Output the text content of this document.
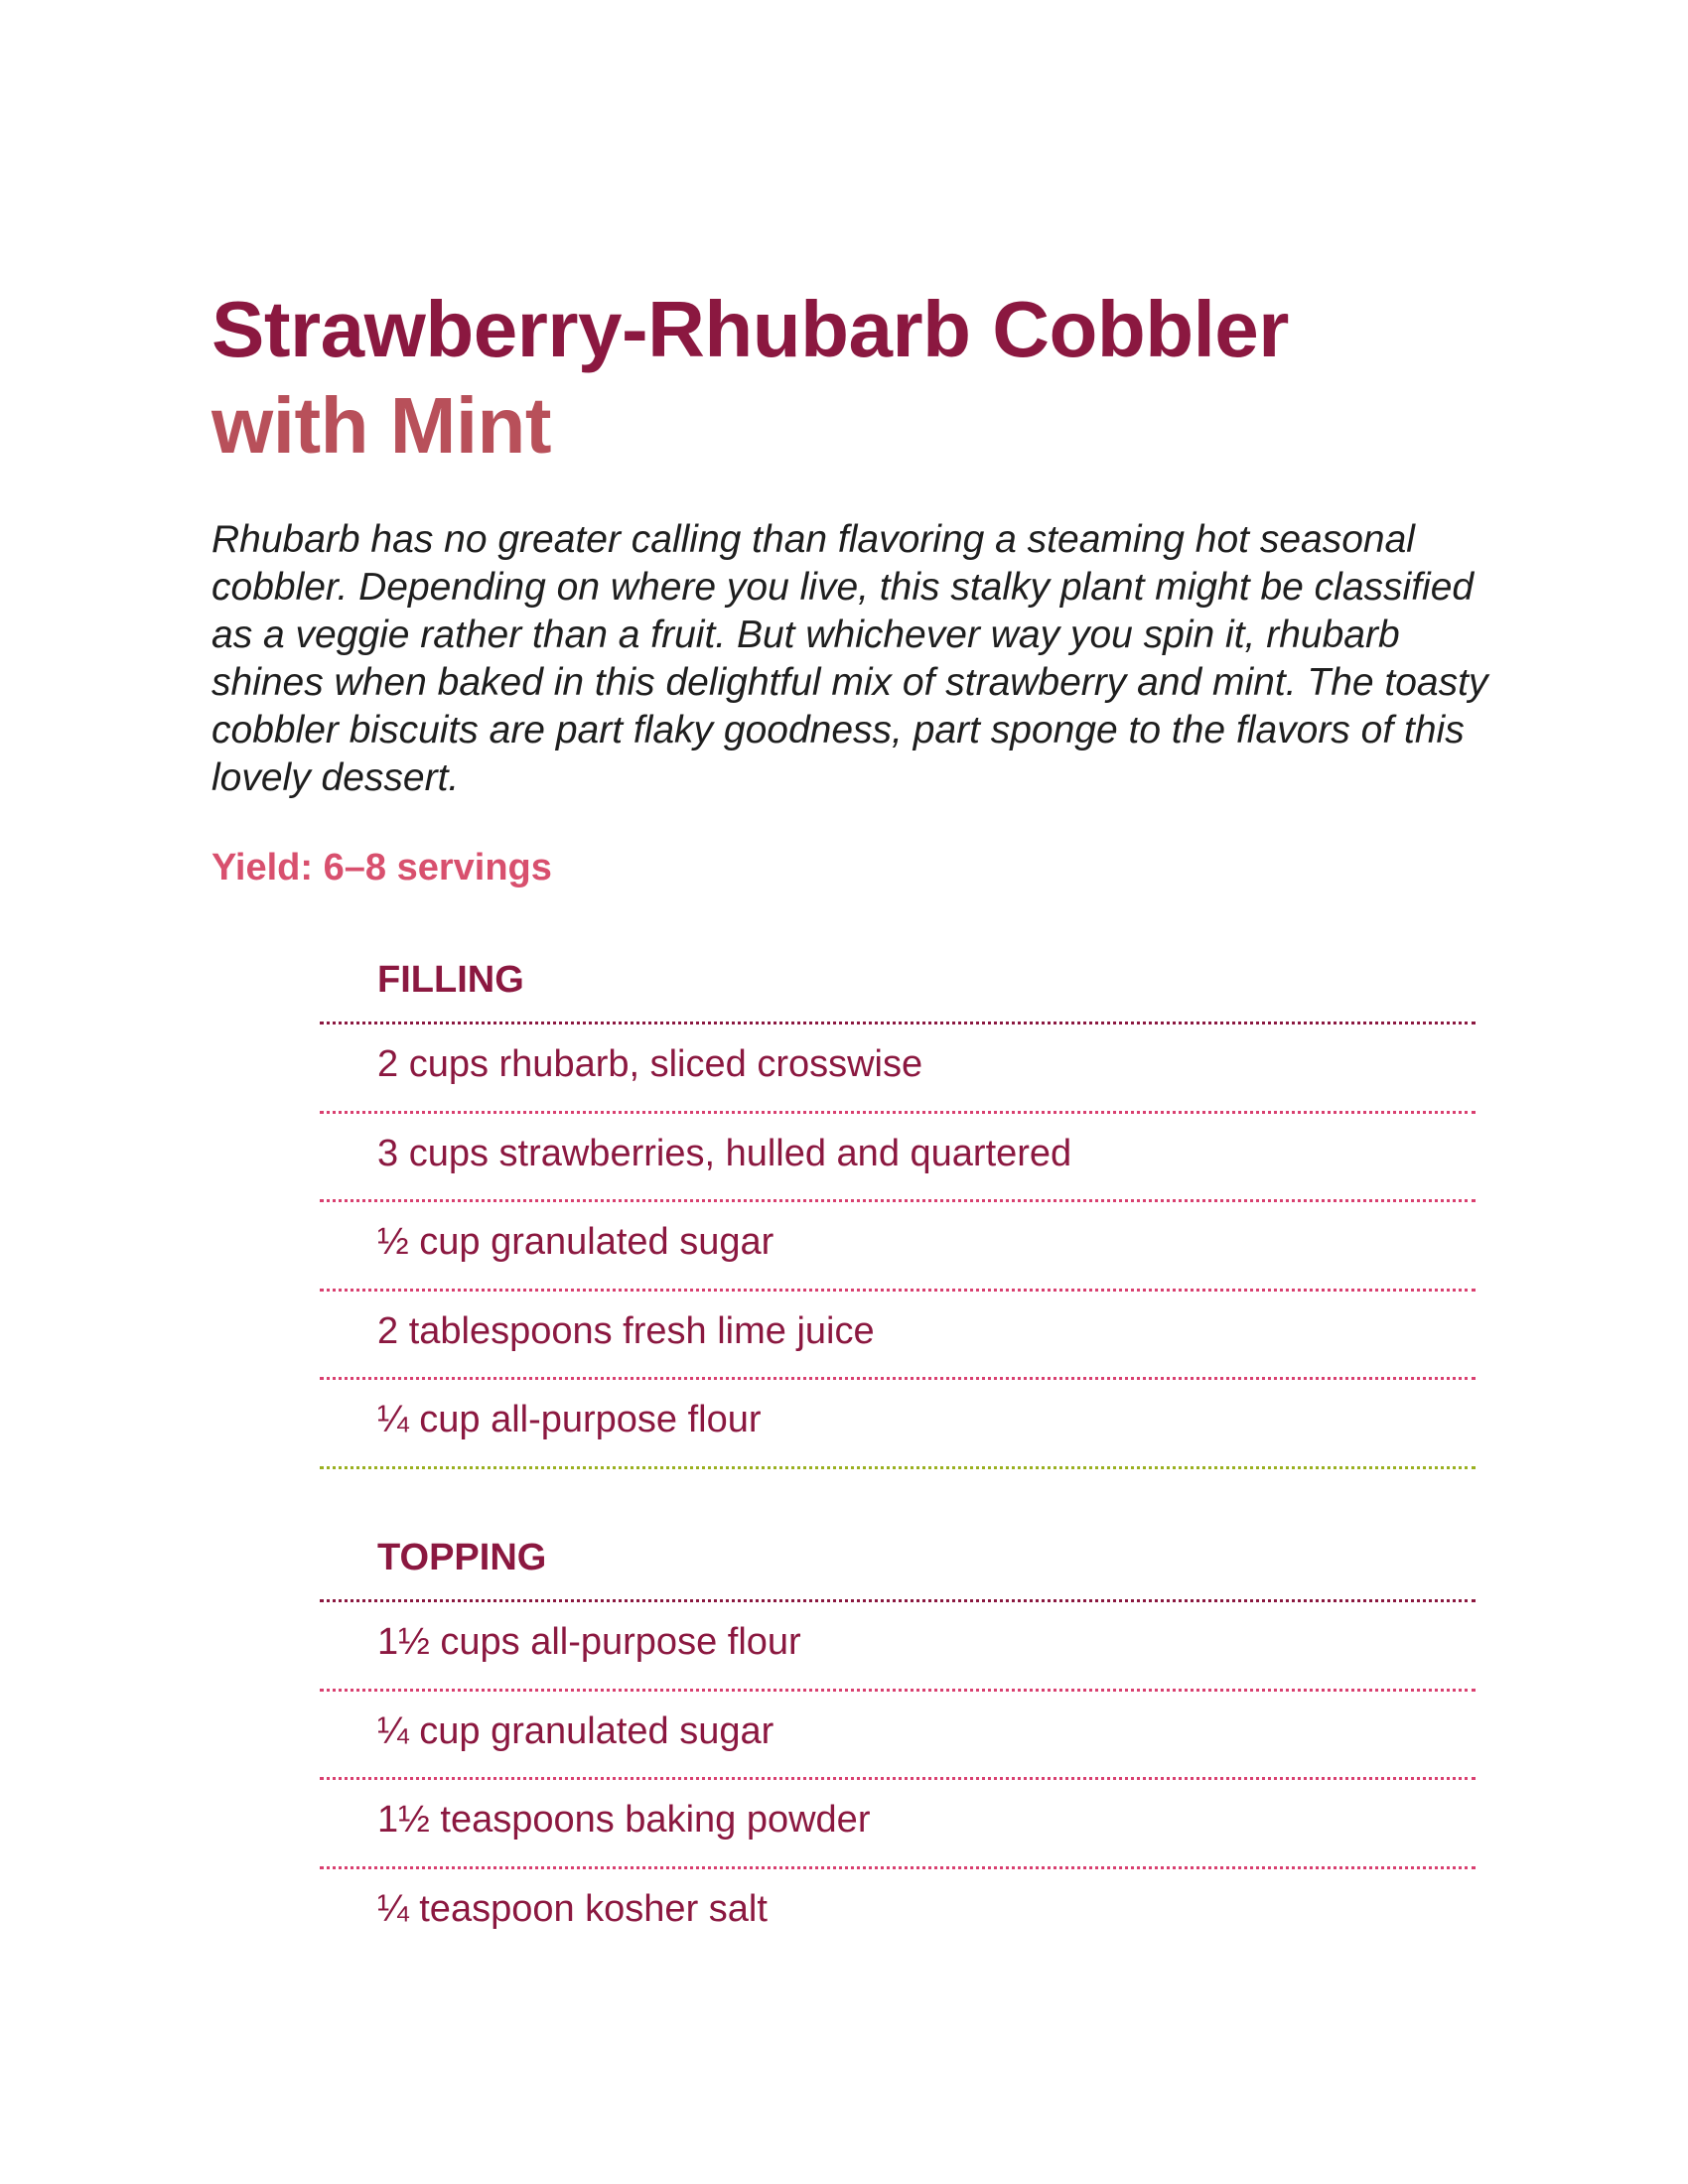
Strawberry-Rhubarb Cobbler
with Mint

Rhubarb has no greater calling than flavoring a steaming hot seasonal cobbler. Depending on where you live, this stalky plant might be classified as a veggie rather than a fruit. But whichever way you spin it, rhubarb shines when baked in this delightful mix of strawberry and mint. The toasty cobbler biscuits are part flaky goodness, part sponge to the flavors of this lovely dessert.

Yield: 6–8 servings

FILLING
2 cups rhubarb, sliced crosswise
3 cups strawberries, hulled and quartered
½ cup granulated sugar
2 tablespoons fresh lime juice
¼ cup all-purpose flour
TOPPING
1½ cups all-purpose flour
¼ cup granulated sugar
1½ teaspoons baking powder
¼ teaspoon kosher salt
